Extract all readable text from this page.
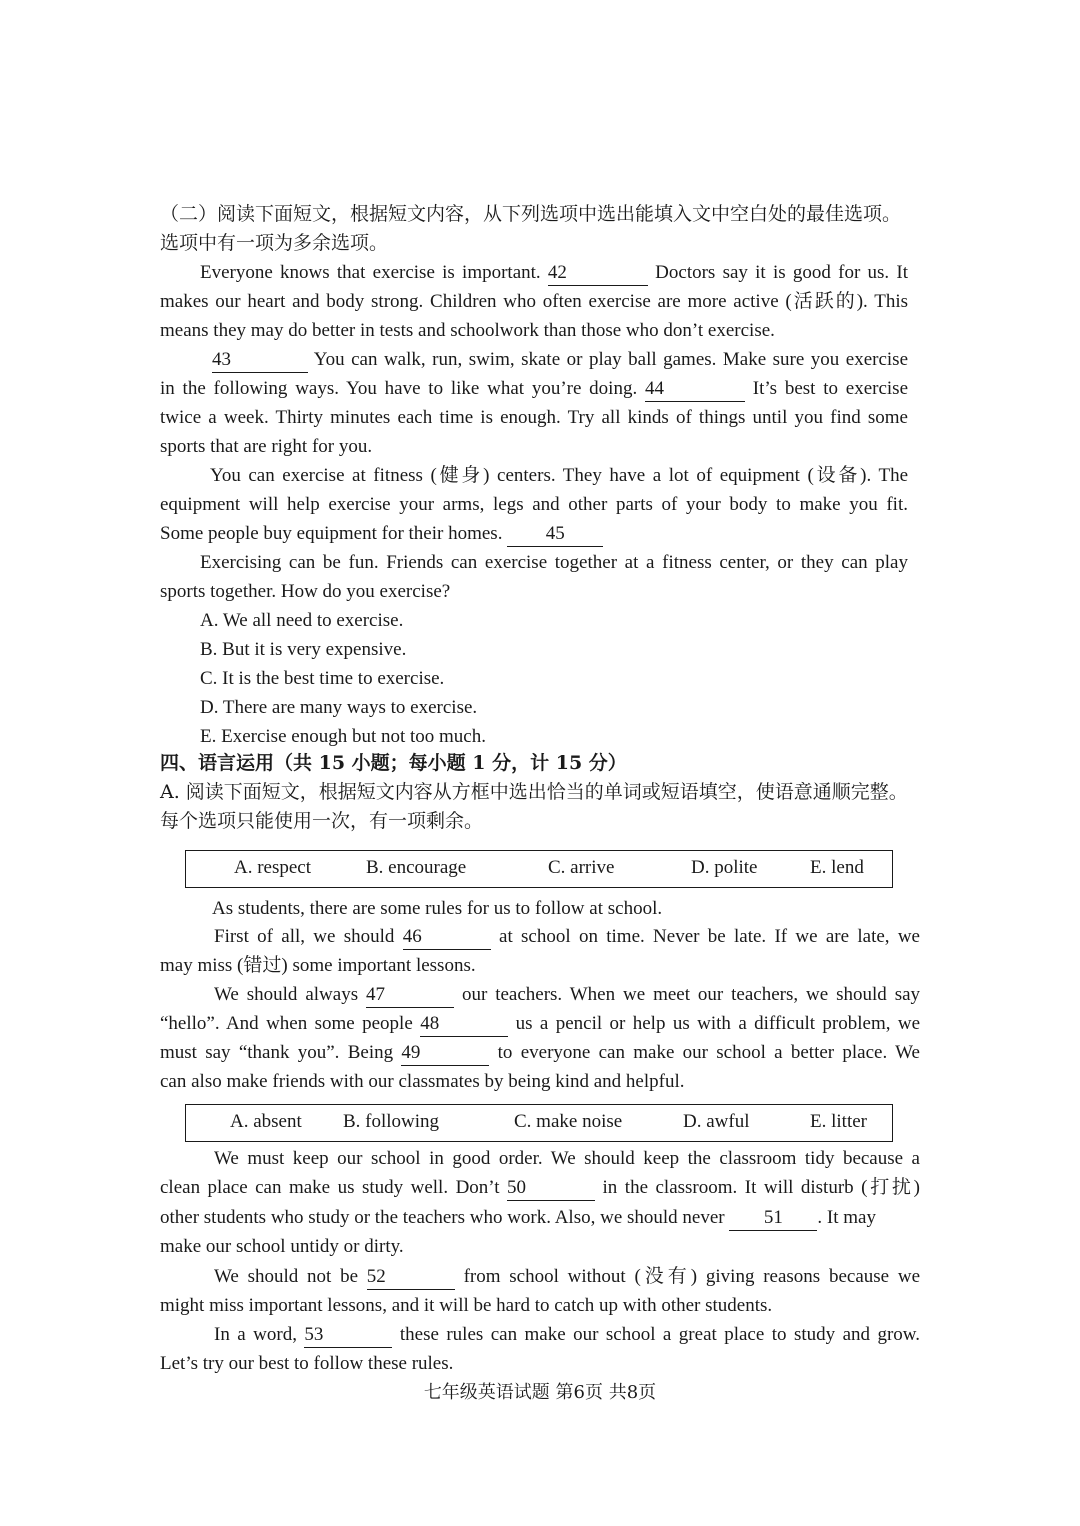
（二）阅读下面短文，根据短文内容，从下列选项中选出能填入文中空白处的最佳选项。
选项中有一项为多余选项。
Everyone knows that exercise is important. 42	Doctors say it is good for us. It
makes our heart and body strong. Children who often exercise are more active (活跃的). This
means they may do better in tests and schoolwork than those who don’t exercise.
43	You can walk, run, swim, skate or play ball games. Make sure you exercise
in the following ways. You have to like what you’re doing. 44	It’s best to exercise
twice a week. Thirty minutes each time is enough. Try all kinds of things until you find some
sports that are right for you.
You can exercise at fitness (健身) centers. They have a lot of equipment (设备). The
equipment will help exercise your arms, legs and other parts of your body to make you fit.
Some people buy equipment for their homes. 45
Exercising can be fun. Friends can exercise together at a fitness center, or they can play
sports together. How do you exercise?
A. We all need to exercise.
B. But it is very expensive.
C. It is the best time to exercise.
D. There are many ways to exercise.
E. Exercise enough but not too much.
四、语言运用（共 15 小题；每小题 1 分，计 15 分）
A. 阅读下面短文，根据短文内容从方框中选出恰当的单词或短语填空，使语意通顺完整。
每个选项只能使用一次，有一项剩余。
A. respect	B. encourage	C. arrive	D. polite	E. lend
As students, there are some rules for us to follow at school.
First of all, we should 46	at school on time. Never be late. If we are late, we
may miss (错过) some important lessons.
We should always 47	our teachers. When we meet our teachers, we should say
“hello”. And when some people 48	us a pencil or help us with a difficult problem, we
must say “thank you”. Being 49	to everyone can make our school a better place. We
can also make friends with our classmates by being kind and helpful.
A. absent B. following	C. make noise	D. awful	E. litter
We must keep our school in good order. We should keep the classroom tidy because a
clean place can make us study well. Don’t 50	in the classroom. It will disturb (打扰)
other students who study or the teachers who work. Also, we should never 51 . It may
make our school untidy or dirty.
We should not be 52	from school without (没有) giving reasons because we
might miss important lessons, and it will be hard to catch up with other students.
In a word, 53	these rules can make our school a great place to study and grow.
Let’s try our best to follow these rules.
七年级英语试题 第6页 共8页
